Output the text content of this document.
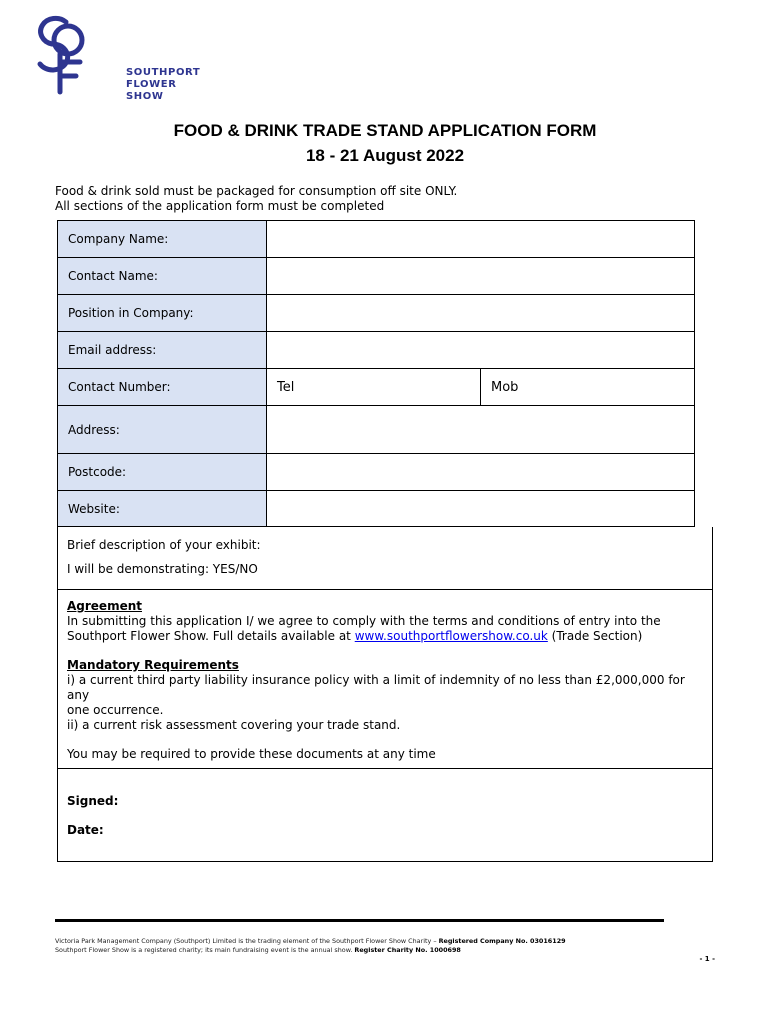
SOUTHPORT
FLOWER
SHOW
FOOD & DRINK TRADE STAND APPLICATION FORM
18 - 21 August 2022
Food & drink sold must be packaged for consumption off site ONLY.
All sections of the application form must be completed
Company Name:		
Contact Name:		
Position in Company:		
Email address:		
Contact Number:	Tel	Mob
Address:		
Postcode:		
Website:		
Brief description of your exhibit:
I will be demonstrating: YES/NO
Agreement
In submitting this application I/ we agree to comply with the terms and conditions of entry into the
Southport Flower Show. Full details available at www.southportflowershow.co.uk (Trade Section)
Mandatory Requirements
i) a current third party liability insurance policy with a limit of indemnity of no less than £2,000,000 for any
one occurrence.
ii) a current risk assessment covering your trade stand.
You may be required to provide these documents at any time
Signed:
Date:
Victoria Park Management Company (Southport) Limited is the trading element of the Southport Flower Show Charity – Registered Company No. 03016129
Southport Flower Show is a registered charity; its main fundraising event is the annual show. Register Charity No. 1000698
- 1 -
